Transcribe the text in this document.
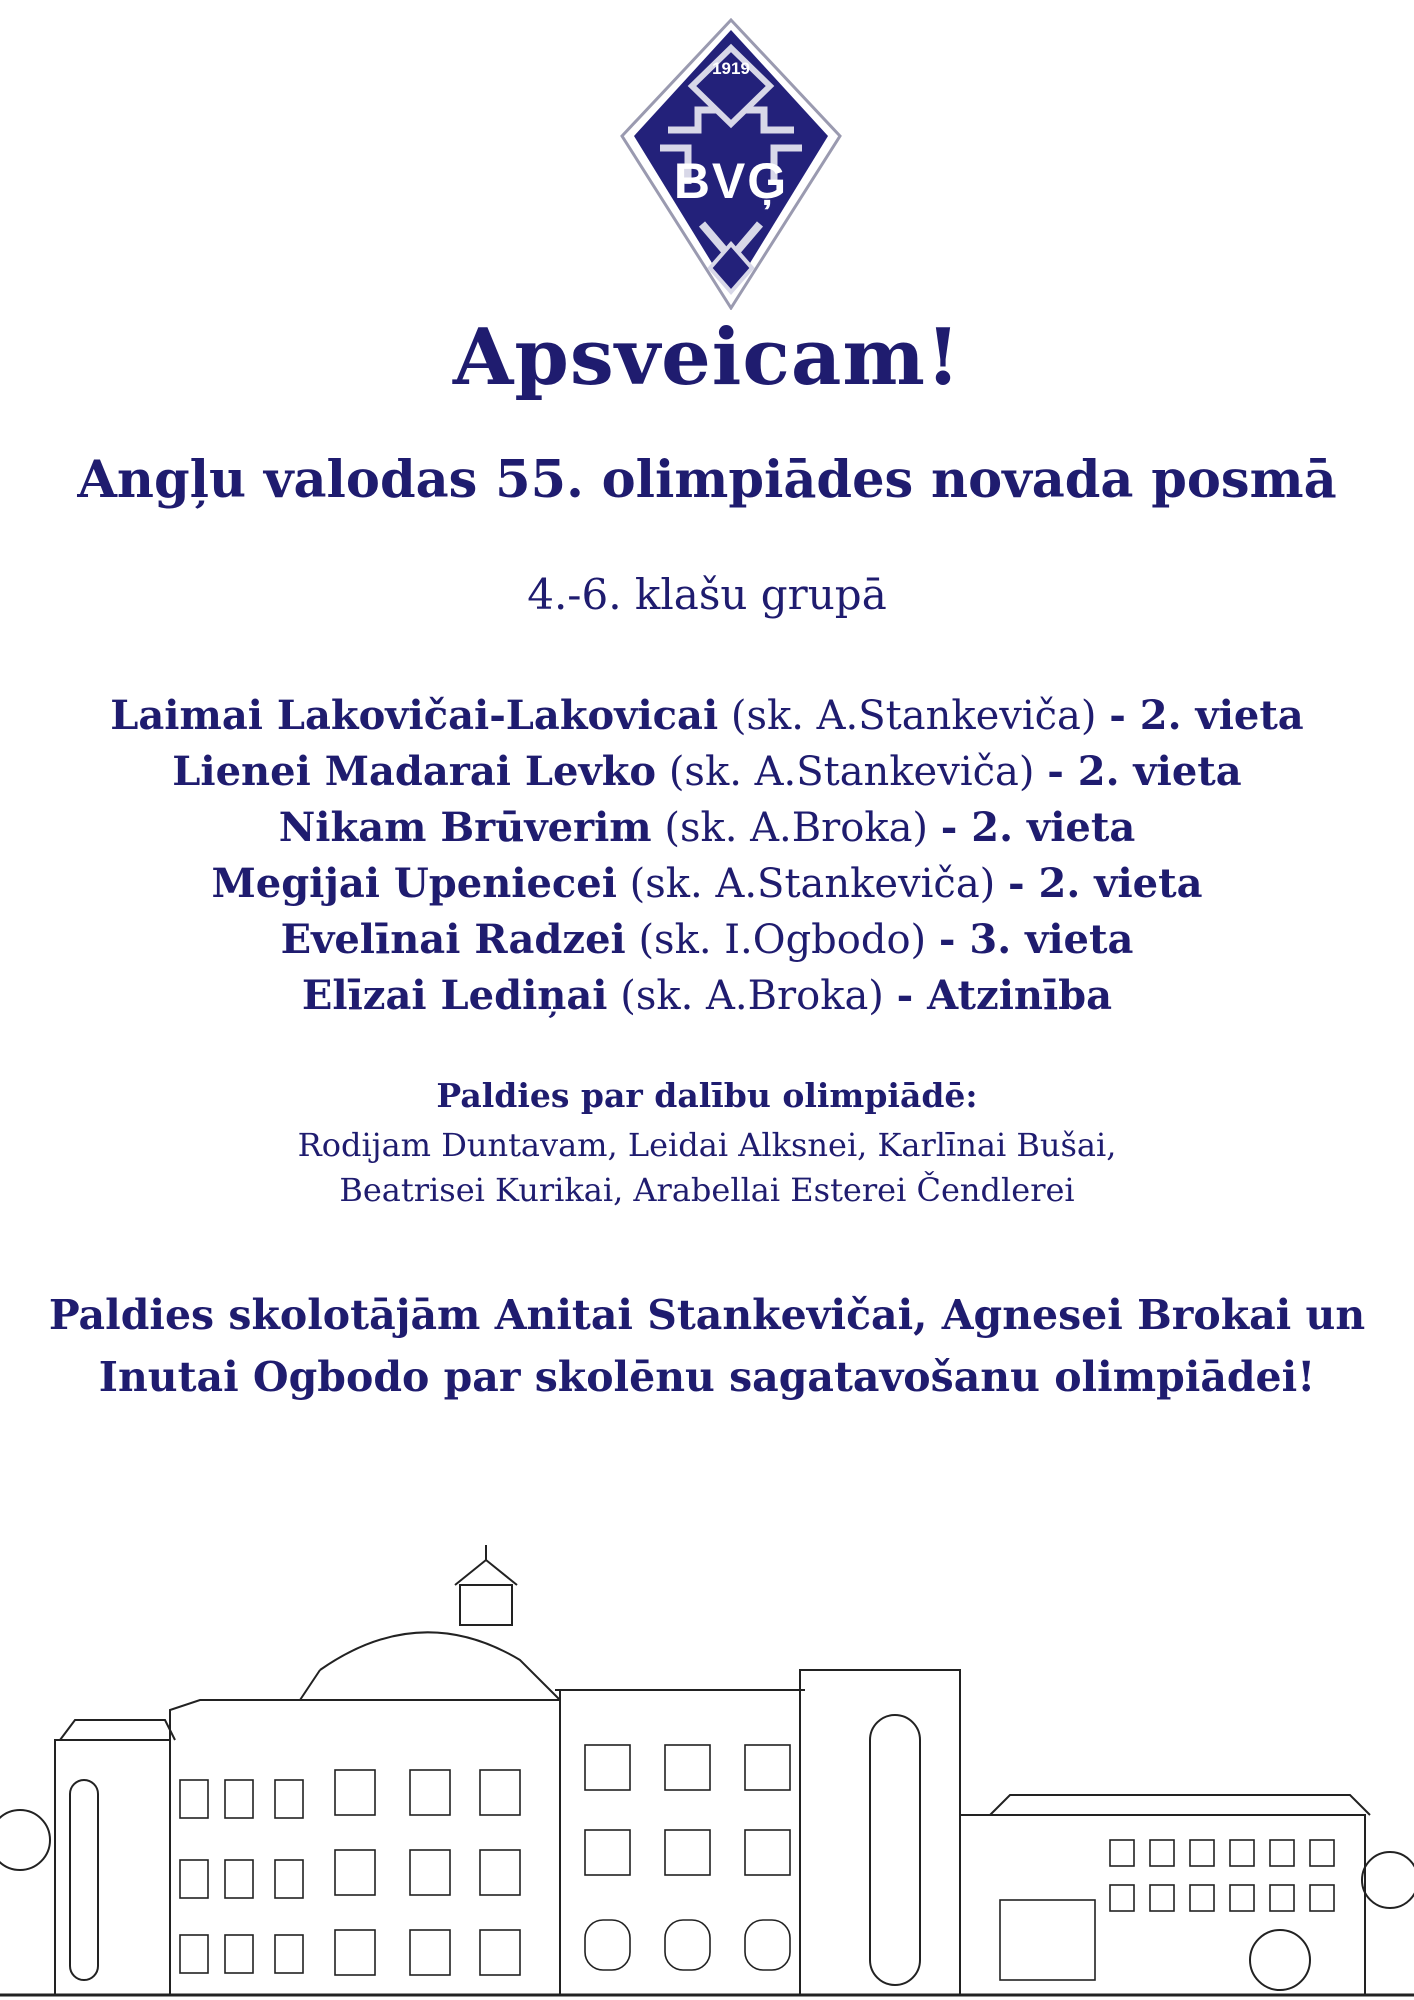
1919
BVĢ
Apsveicam!
Angļu valodas 55. olimpiādes novada posmā
4.-6. klašu grupā
Laimai Lakovičai-Lakovicai (sk. A.Stankeviča) - 2. vieta
Lienei Madarai Levko (sk. A.Stankeviča) - 2. vieta
Nikam Brūverim (sk. A.Broka) - 2. vieta
Megijai Upeniecei (sk. A.Stankeviča) - 2. vieta
Evelīnai Radzei (sk. I.Ogbodo) - 3. vieta
Elīzai Lediņai (sk. A.Broka) - Atzinība
Paldies par dalību olimpiādē:
Rodijam Duntavam, Leidai Alksnei, Karlīnai Bušai,
Beatrisei Kurikai, Arabellai Esterei Čendlerei
Paldies skolotājām Anitai Stankevičai, Agnesei Brokai un
Inutai Ogbodo par skolēnu sagatavošanu olimpiādei!
